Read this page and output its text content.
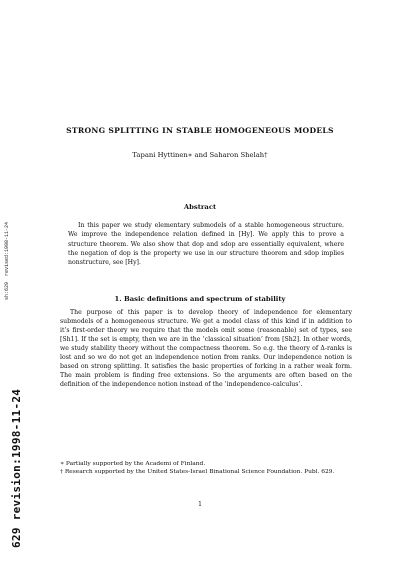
sh:629  revised:1998-11-24
629 revision:1998-11-24
STRONG SPLITTING IN STABLE HOMOGENEOUS MODELS
Tapani Hyttinen∗ and Saharon Shelah†
Abstract
In this paper we study elementary submodels of a stable homogeneous structure. We improve the independence relation defined in [Hy]. We apply this to prove a structure theorem. We also show that dop and sdop are essentially equivalent, where the negation of dop is the property we use in our structure theorem and sdop implies nonstructure, see [Hy].
1. Basic definitions and spectrum of stability
The purpose of this paper is to develop theory of independence for elementary submodels of a homogeneous structure. We get a model class of this kind if in addition to it’s first-order theory we require that the models omit some (reasonable) set of types, see [Sh1]. If the set is empty, then we are in the ’classical situation’ from [Sh2]. In other words, we study stability theory without the compactness theorem. So e.g. the theory of Δ-ranks is lost and so we do not get an independence notion from ranks. Our independence notion is based on strong splitting. It satisfies the basic properties of forking in a rather weak form. The main problem is finding free extensions. So the arguments are often based on the definition of the independence notion instead of the ’independence-calculus’.

∗ Partially supported by the Academi of Finland.

† Research supported by the United States-Israel Binational Science Foundation. Publ. 629.

1
